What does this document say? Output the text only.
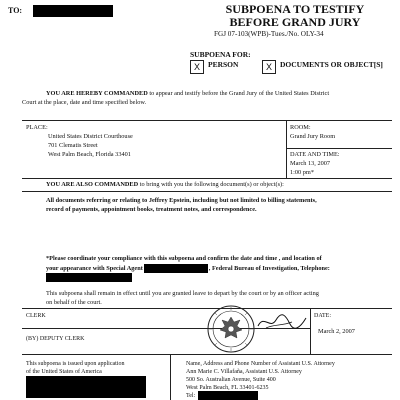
TO:	SUBPOENA TO TESTIFY
BEFORE GRAND JURY
FGJ 07-103(WPB)-Tues./No. OLY-34
SUBPOENA FOR:
X	PERSON	X	DOCUMENTS OR OBJECT[S]
YOU ARE HEREBY COMMANDED to appear and testify before the Grand Jury of the United States District
Court at the place, date and time specified below.
PLACE:
United States District Courthouse
701 Clematis Street
West Palm Beach, Florida 33401
ROOM:
Grand Jury Room
DATE AND TIME:
March 13, 2007
1:00 pm*
YOU ARE ALSO COMMANDED to bring with you the following document(s) or object(s):
All documents referring or relating to Jeffrey Epstein, including but not limited to billing statements,
record of payments, appointment books, treatment notes, and correspondence.
*Please coordinate your compliance with this subpoena and confirm the date and time , and location of
your appearance with Special Agent	, Federal Bureau of Investigation, Telephone:
This subpoena shall remain in effect until you are granted leave to depart by the court or by an officer acting
on behalf of the court.
CLERK
(BY) DEPUTY CLERK
DATE:
March 2, 2007
This subpoena is issued upon application
of the United States of America
Name, Address and Phone Number of Assistant U.S. Attorney
Ann Marie C. Villafaña, Assistant U.S. Attorney
500 So. Australian Avenue, Suite 400
West Palm Beach, FL 33401-6235
Tel:
